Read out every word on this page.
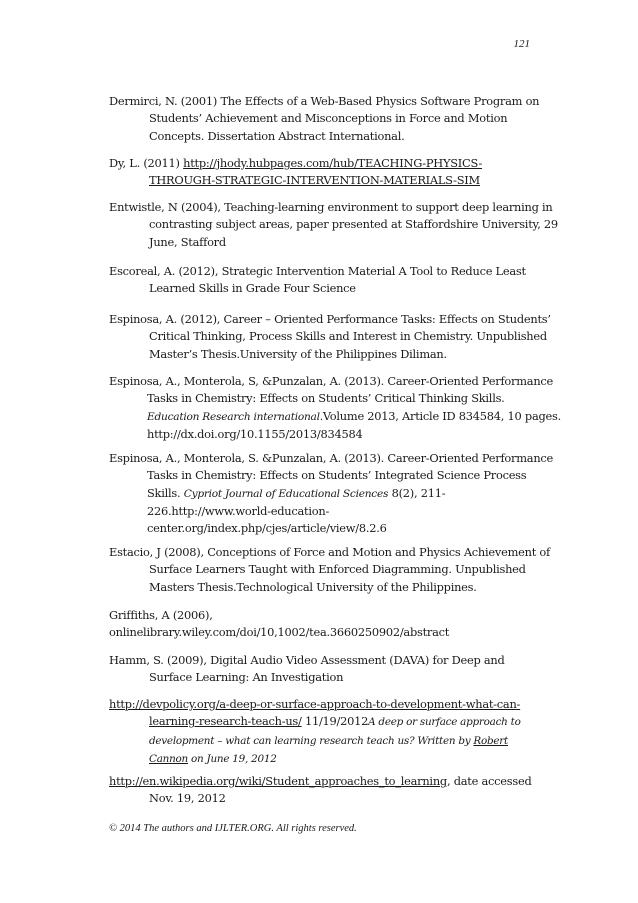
121
Dermirci, N. (2001) The Effects of a Web-Based Physics Software Program on
Students’ Achievement and Misconceptions in Force and Motion
Concepts. Dissertation Abstract International.
Dy, L. (2011) http://jhody.hubpages.com/hub/TEACHING-PHYSICS-
THROUGH-STRATEGIC-INTERVENTION-MATERIALS-SIM
Entwistle, N (2004), Teaching-learning environment to support deep learning in
contrasting subject areas, paper presented at Staffordshire University, 29
June, Stafford
Escoreal, A. (2012), Strategic Intervention Material A Tool to Reduce Least
Learned Skills in Grade Four Science
Espinosa, A. (2012), Career – Oriented Performance Tasks: Effects on Students’
Critical Thinking, Process Skills and Interest in Chemistry. Unpublished
Master’s Thesis.University of the Philippines Diliman.
Espinosa, A., Monterola, S, &Punzalan, A. (2013). Career-Oriented Performance
Tasks in Chemistry: Effects on Students’ Critical Thinking Skills.
Education Research international.Volume 2013, Article ID 834584, 10 pages.
http://dx.doi.org/10.1155/2013/834584
Espinosa, A., Monterola, S. &Punzalan, A. (2013). Career-Oriented Performance
Tasks in Chemistry: Effects on Students’ Integrated Science Process
Skills. Cypriot Journal of Educational Sciences 8(2), 211-
226.http://www.world-education-
center.org/index.php/cjes/article/view/8.2.6
Estacio, J (2008), Conceptions of Force and Motion and Physics Achievement of
Surface Learners Taught with Enforced Diagramming. Unpublished
Masters Thesis.Technological University of the Philippines.
Griffiths, A (2006),
onlinelibrary.wiley.com/doi/10,1002/tea.3660250902/abstract
Hamm, S. (2009), Digital Audio Video Assessment (DAVA) for Deep and
Surface Learning: An Investigation
http://devpolicy.org/a-deep-or-surface-approach-to-development-what-can-
learning-research-teach-us/ 11/19/2012A deep or surface approach to
development – what can learning research teach us? Written by Robert
Cannon on June 19, 2012
http://en.wikipedia.org/wiki/Student_approaches_to_learning, date accessed
Nov. 19, 2012
© 2014 The authors and IJLTER.ORG. All rights reserved.
